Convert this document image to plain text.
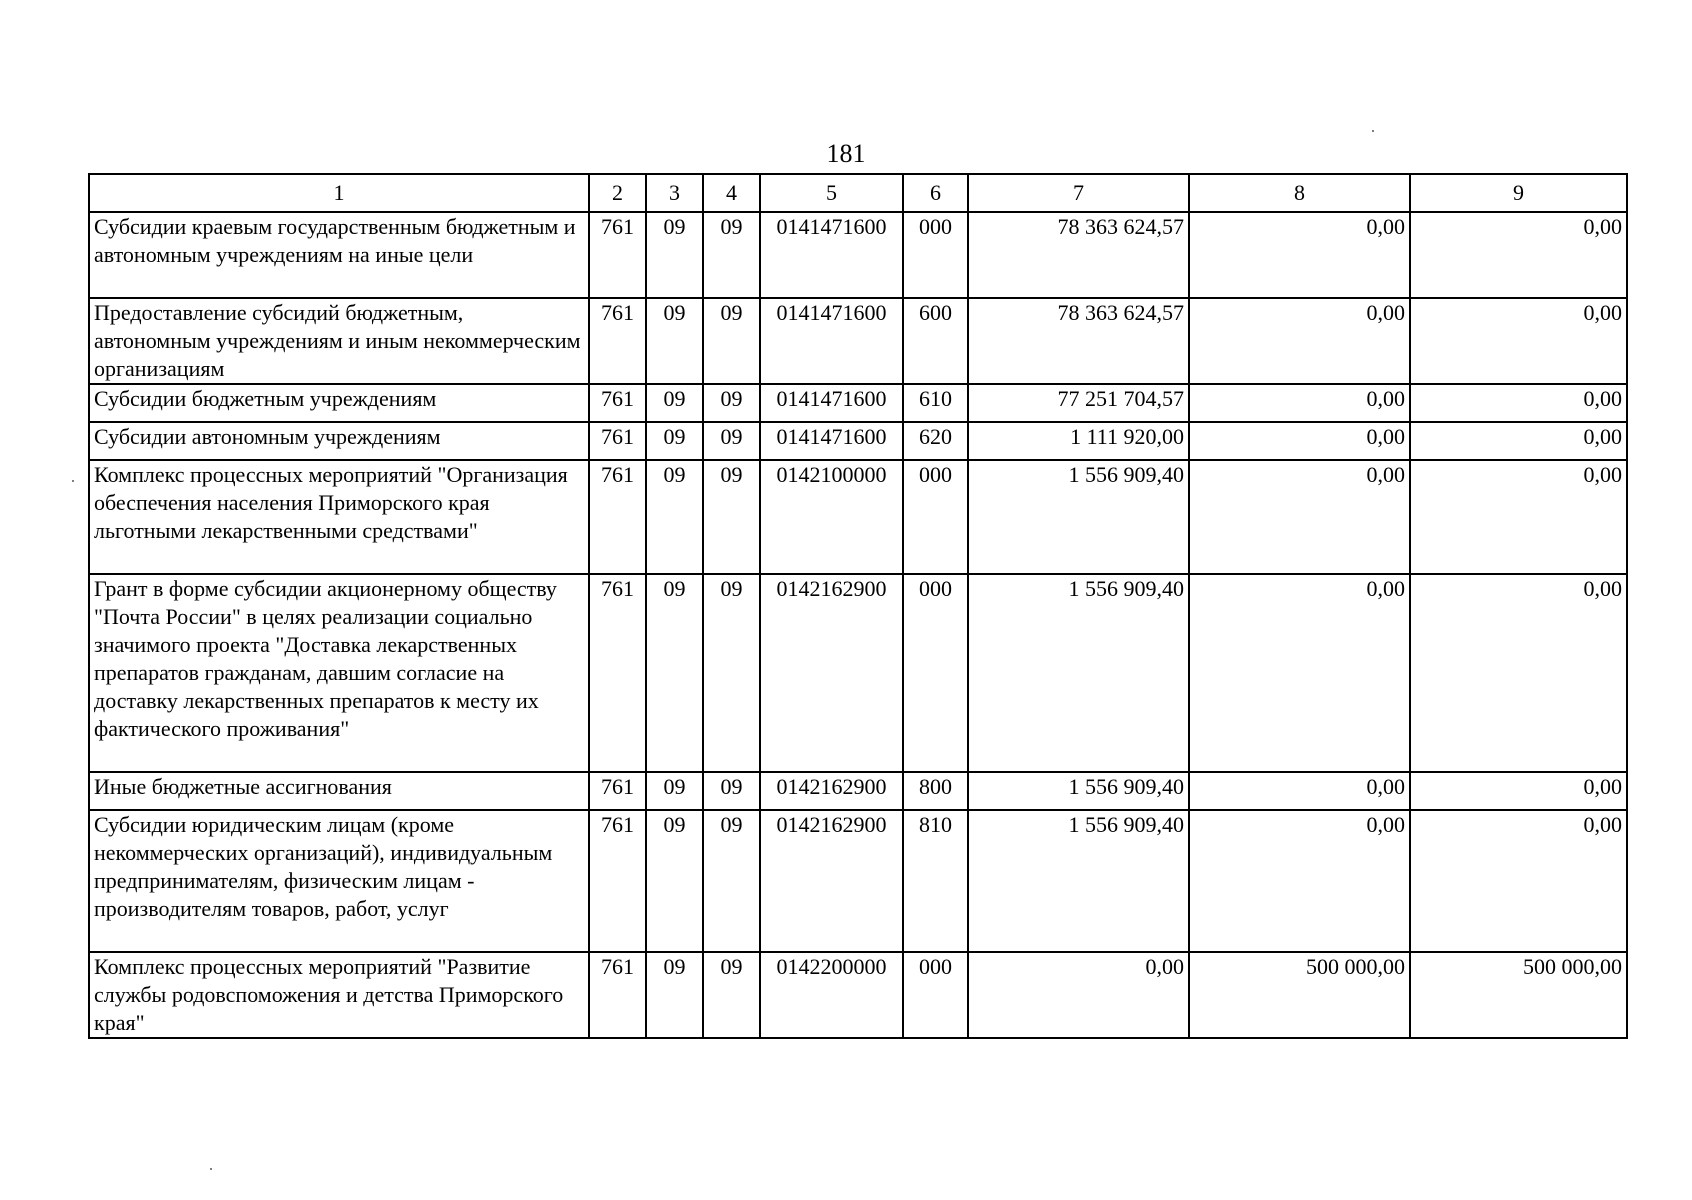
181
1	2	3	4	5	6	7	8	9
Субсидии краевым государственным бюджетным и автономным учреждениям на иные цели	761	09	09	0141471600	000	78 363 624,57	0,00	0,00
Предоставление субсидий бюджетным, автономным учреждениям и иным некоммерческим организациям	761	09	09	0141471600	600	78 363 624,57	0,00	0,00
Субсидии бюджетным учреждениям	761	09	09	0141471600	610	77 251 704,57	0,00	0,00
Субсидии автономным учреждениям	761	09	09	0141471600	620	1 111 920,00	0,00	0,00
Комплекс процессных мероприятий "Организация обеспечения населения Приморского края льготными лекарственными средствами"	761	09	09	0142100000	000	1 556 909,40	0,00	0,00
Грант в форме субсидии акционерному обществу "Почта России" в целях реализации социально значимого проекта "Доставка лекарственных препаратов гражданам, давшим согласие на доставку лекарственных препаратов к месту их фактического проживания"	761	09	09	0142162900	000	1 556 909,40	0,00	0,00
Иные бюджетные ассигнования	761	09	09	0142162900	800	1 556 909,40	0,00	0,00
Субсидии юридическим лицам (кроме некоммерческих организаций), индивидуальным предпринимателям, физическим лицам - производителям товаров, работ, услуг	761	09	09	0142162900	810	1 556 909,40	0,00	0,00
Комплекс процессных мероприятий "Развитие службы родовспоможения и детства Приморского края"	761	09	09	0142200000	000	0,00	500 000,00	500 000,00
